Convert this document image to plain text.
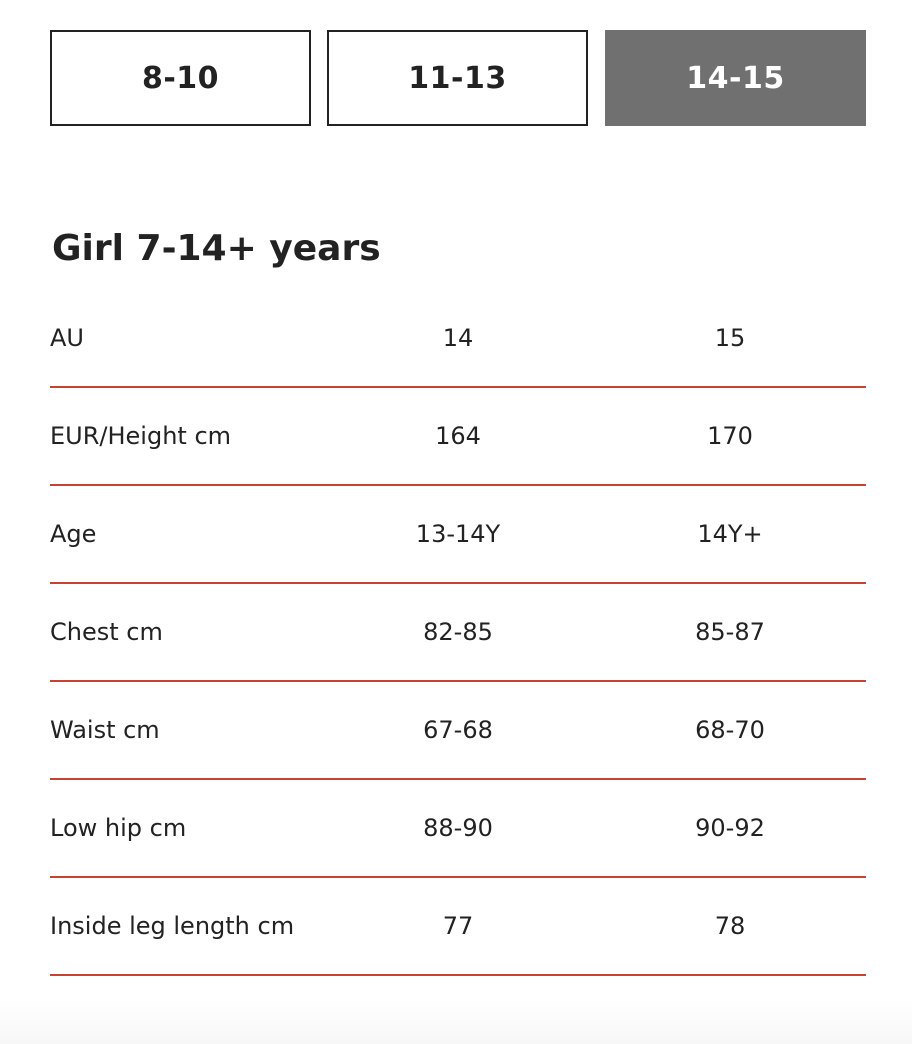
8-10	11-13	14-15
Girl 7-14+ years
AU	14	15
EUR/Height cm	164	170
Age	13-14Y	14Y+
Chest cm	82-85	85-87
Waist cm	67-68	68-70
Low hip cm	88-90	90-92
Inside leg length cm	77	78
